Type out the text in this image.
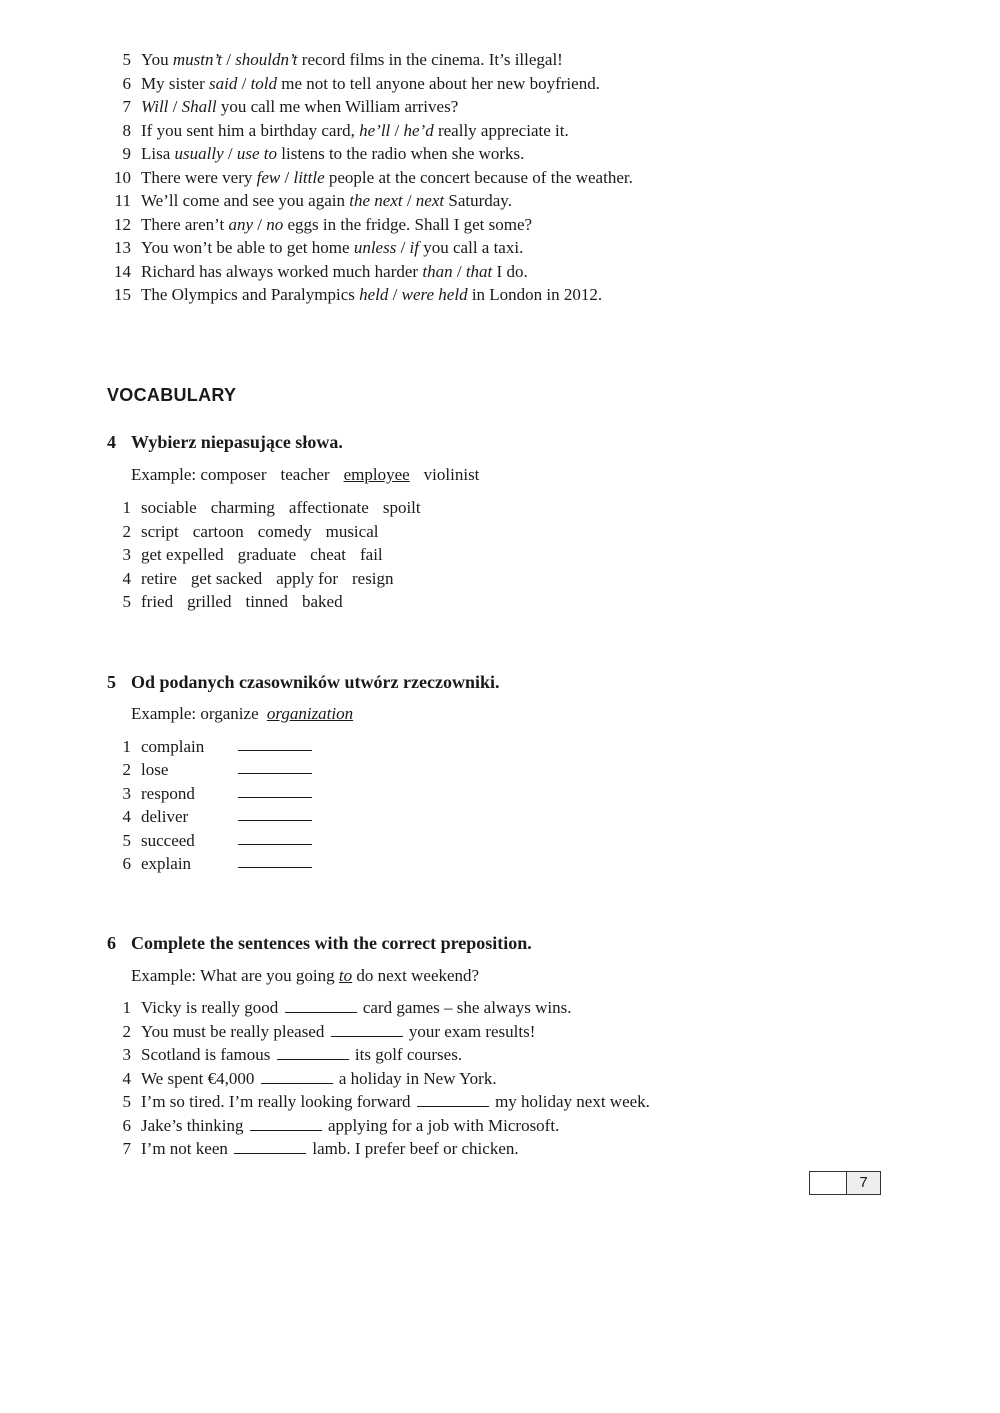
5 You mustn’t / shouldn’t record films in the cinema. It’s illegal!
6 My sister said / told me not to tell anyone about her new boyfriend.
7 Will / Shall you call me when William arrives?
8 If you sent him a birthday card, he’ll / he’d really appreciate it.
9 Lisa usually / use to listens to the radio when she works.
10 There were very few / little people at the concert because of the weather.
11 We’ll come and see you again the next / next Saturday.
12 There aren’t any / no eggs in the fridge. Shall I get some?
13 You won’t be able to get home unless / if you call a taxi.
14 Richard has always worked much harder than / that I do.
15 The Olympics and Paralympics held / were held in London in 2012.
VOCABULARY
4 Wybierz niepasujące słowa.
Example: composer teacher employee violinist
1 sociable charming affectionate spoilt
2 script cartoon comedy musical
3 get expelled graduate cheat fail
4 retire get sacked apply for resign
5 fried grilled tinned baked
5 Od podanych czasowników utwórz rzeczowniki.
Example: organize organization
1 complain
2 lose
3 respond
4 deliver
5 succeed
6 explain
6 Complete the sentences with the correct preposition.
Example: What are you going to do next weekend?
1 Vicky is really good	card games – she always wins.
2 You must be really pleased	your exam results!
3 Scotland is famous	its golf courses.
4 We spent €4,000	a holiday in New York.
5 I’m so tired. I’m really looking forward	my holiday next week.
6 Jake’s thinking	applying for a job with Microsoft.
7 I’m not keen	lamb. I prefer beef or chicken.
7
